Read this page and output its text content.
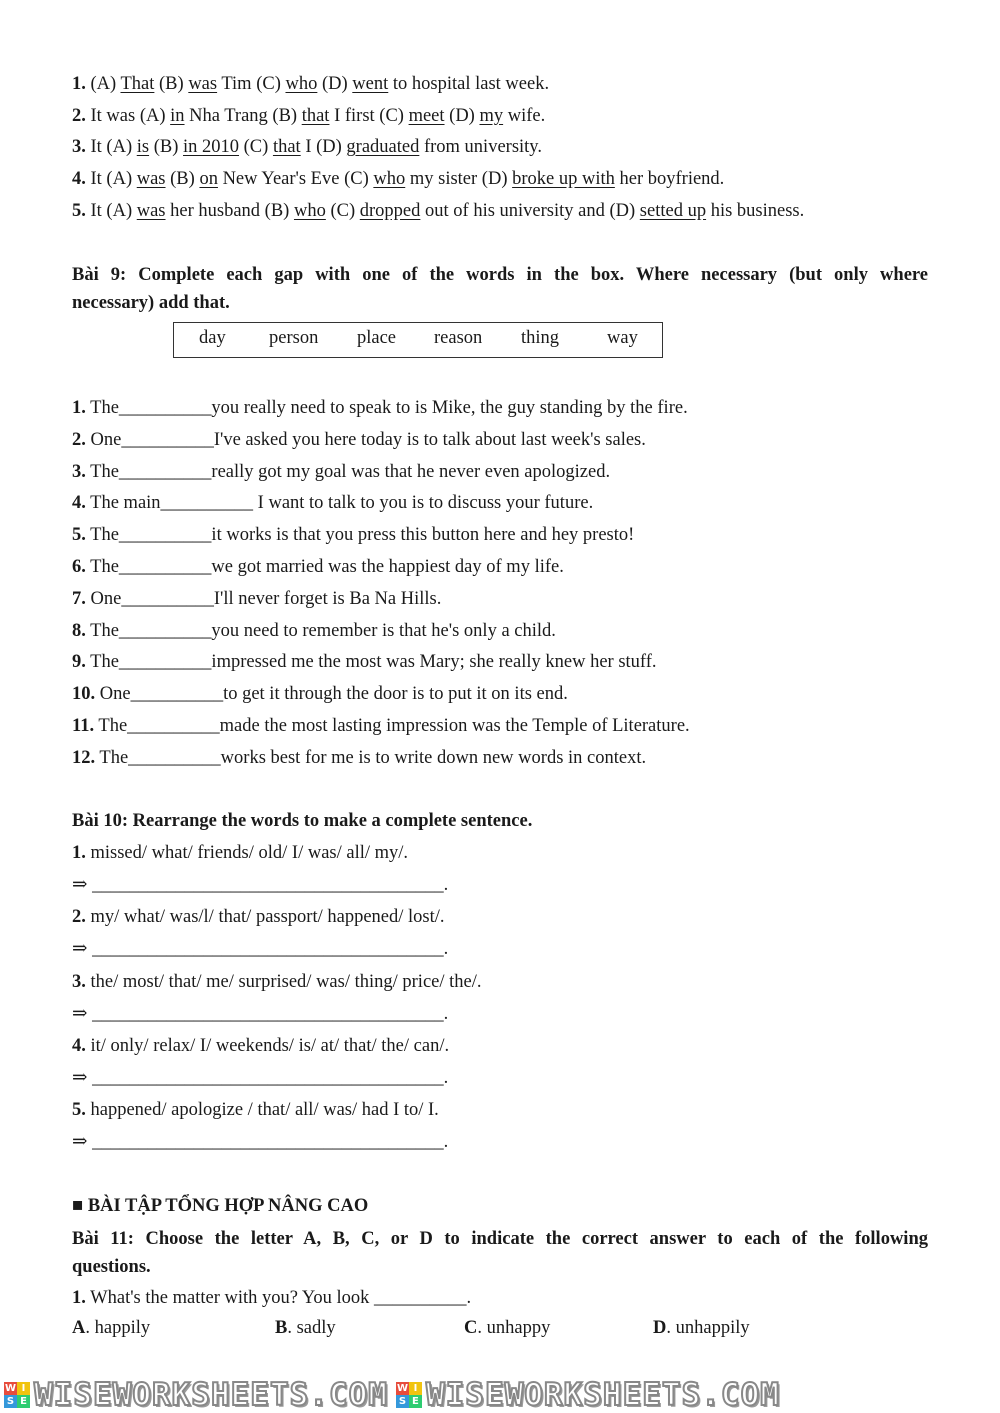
1. (A) That (B) was Tim (C) who (D) went to hospital last week.
2. It was (A) in Nha Trang (B) that I first (C) meet (D) my wife.
3. It (A) is (B) in 2010 (C) that I (D) graduated from university.
4. It (A) was (B) on New Year's Eve (C) who my sister (D) broke up with her boyfriend.
5. It (A) was her husband (B) who (C) dropped out of his university and (D) setted up his business.
Bài 9: Complete each gap with one of the words in the box. Where necessary (but only where
necessary) add that.
day person place reason thing	way
1. The__________you really need to speak to is Mike, the guy standing by the fire.
2. One__________I've asked you here today is to talk about last week's sales.
3. The__________really got my goal was that he never even apologized.
4. The main__________ I want to talk to you is to discuss your future.
5. The__________it works is that you press this button here and hey presto!
6. The__________we got married was the happiest day of my life.
7. One__________I'll never forget is Ba Na Hills.
8. The__________you need to remember is that he's only a child.
9. The__________impressed me the most was Mary; she really knew her stuff.
10. One__________to get it through the door is to put it on its end.
11. The__________made the most lasting impression was the Temple of Literature.
12. The__________works best for me is to write down new words in context.
Bài 10: Rearrange the words to make a complete sentence.
1. missed/ what/ friends/ old/ I/ was/ all/ my/.
⇒ ______________________________________.
2. my/ what/ was/l/ that/ passport/ happened/ lost/.
⇒ ______________________________________.
3. the/ most/ that/ me/ surprised/ was/ thing/ price/ the/.
⇒ ______________________________________.
4. it/ only/ relax/ I/ weekends/ is/ at/ that/ the/ can/.
⇒ ______________________________________.
5. happened/ apologize / that/ all/ was/ had I to/ I.
⇒ ______________________________________.
■ BÀI TẬP TỔNG HỢP NÂNG CAO
Bài 11: Choose the letter A, B, C, or D to indicate the correct answer to each of the following
questions.
1. What's the matter with you? You look __________.
A. happily	B. sadly	C. unhappy	D. unhappily
W I
S E WISEWORKSHEETS.COM W I
S E WISEWORKSHEETS.COM
